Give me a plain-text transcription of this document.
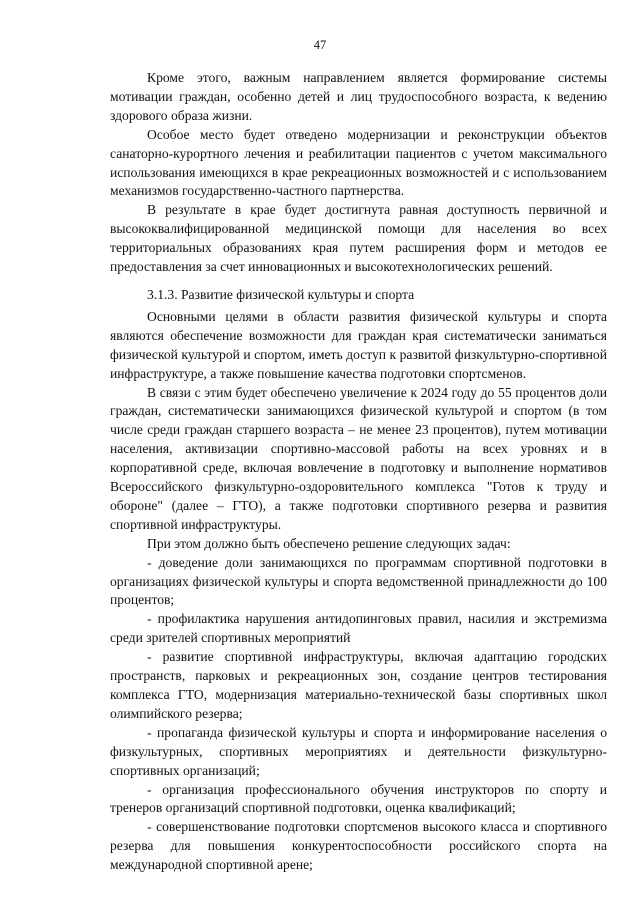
47

Кроме этого, важным направлением является формирование системы мотивации граждан, особенно детей и лиц трудоспособного возраста, к ведению здорового образа жизни.

Особое место будет отведено модернизации и реконструкции объектов санаторно-курортного лечения и реабилитации пациентов с учетом максимального использования имеющихся в крае рекреационных возможностей и с использованием механизмов государственно-частного партнерства.

В результате в крае будет достигнута равная доступность первичной и высококвалифицированной медицинской помощи для населения во всех территориальных образованиях края путем расширения форм и методов ее предоставления за счет инновационных и высокотехнологических решений.

3.1.3. Развитие физической культуры и спорта

Основными целями в области развития физической культуры и спорта являются обеспечение возможности для граждан края систематически заниматься физической культурой и спортом, иметь доступ к развитой физкультурно-спортивной инфраструктуре, а также повышение качества подготовки спортсменов.

В связи с этим будет обеспечено увеличение к 2024 году до 55 процентов доли граждан, систематически занимающихся физической культурой и спортом (в том числе среди граждан старшего возраста – не менее 23 процентов), путем мотивации населения, активизации спортивно-массовой работы на всех уровнях и в корпоративной среде, включая вовлечение в подготовку и выполнение нормативов Всероссийского физкультурно-оздоровительного комплекса "Готов к труду и обороне" (далее – ГТО), а также подготовки спортивного резерва и развития спортивной инфраструктуры.

При этом должно быть обеспечено решение следующих задач:

- доведение доли занимающихся по программам спортивной подготовки в организациях физической культуры и спорта ведомственной принадлежности до 100 процентов;

- профилактика нарушения антидопинговых правил, насилия и экстремизма среди зрителей спортивных мероприятий

- развитие спортивной инфраструктуры, включая адаптацию городских пространств, парковых и рекреационных зон, создание центров тестирования комплекса ГТО, модернизация материально-технической базы спортивных школ олимпийского резерва;

- пропаганда физической культуры и спорта и информирование населения о физкультурных, спортивных мероприятиях и деятельности физкультурно-спортивных организаций;

- организация профессионального обучения инструкторов по спорту и тренеров организаций спортивной подготовки, оценка квалификаций;

- совершенствование подготовки спортсменов высокого класса и спортивного резерва для повышения конкурентоспособности российского спорта на международной спортивной арене;
